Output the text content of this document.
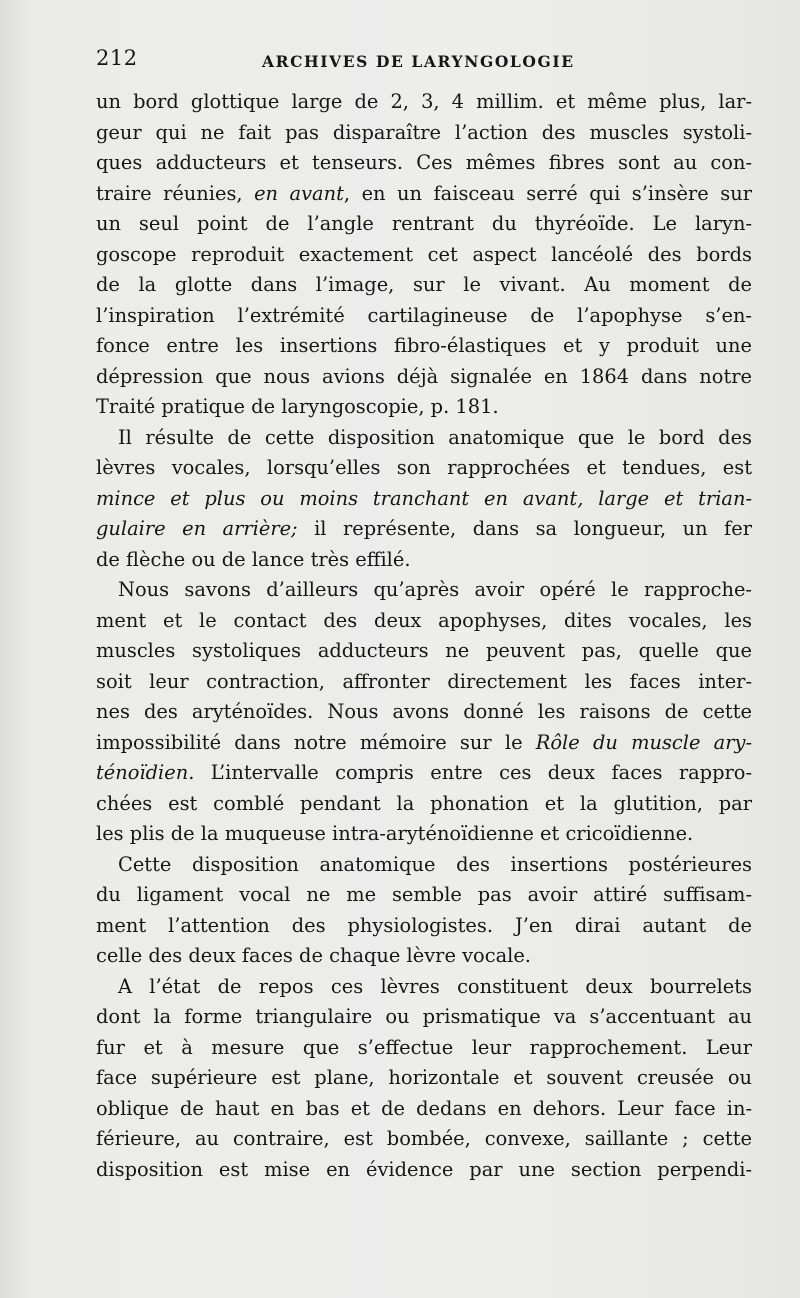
212	ARCHIVES DE LARYNGOLOGIE
un bord glottique large de 2, 3, 4 millim. et même plus, lar-
geur qui ne fait pas disparaître l’action des muscles systoli-
ques adducteurs et tenseurs. Ces mêmes fibres sont au con-
traire réunies, en avant, en un faisceau serré qui s’insère sur
un seul point de l’angle rentrant du thyréoïde. Le laryn-
goscope reproduit exactement cet aspect lancéolé des bords
de la glotte dans l’image, sur le vivant. Au moment de
l’inspiration l’extrémité cartilagineuse de l’apophyse s’en-
fonce entre les insertions fibro-élastiques et y produit une
dépression que nous avions déjà signalée en 1864 dans notre
Traité pratique de laryngoscopie, p. 181.
Il résulte de cette disposition anatomique que le bord des
lèvres vocales, lorsqu’elles son rapprochées et tendues, est
mince et plus ou moins tranchant en avant, large et trian-
gulaire en arrière; il représente, dans sa longueur, un fer
de flèche ou de lance très effilé.
Nous savons d’ailleurs qu’après avoir opéré le rapproche-
ment et le contact des deux apophyses, dites vocales, les
muscles systoliques adducteurs ne peuvent pas, quelle que
soit leur contraction, affronter directement les faces inter-
nes des aryténoïdes. Nous avons donné les raisons de cette
impossibilité dans notre mémoire sur le Rôle du muscle ary-
ténoïdien. L’intervalle compris entre ces deux faces rappro-
chées est comblé pendant la phonation et la glutition, par
les plis de la muqueuse intra-aryténoïdienne et cricoïdienne.
Cette disposition anatomique des insertions postérieures
du ligament vocal ne me semble pas avoir attiré suffisam-
ment l’attention des physiologistes. J’en dirai autant de
celle des deux faces de chaque lèvre vocale.
A l’état de repos ces lèvres constituent deux bourrelets
dont la forme triangulaire ou prismatique va s’accentuant au
fur et à mesure que s’effectue leur rapprochement. Leur
face supérieure est plane, horizontale et souvent creusée ou
oblique de haut en bas et de dedans en dehors. Leur face in-
férieure, au contraire, est bombée, convexe, saillante ; cette
disposition est mise en évidence par une section perpendi-
